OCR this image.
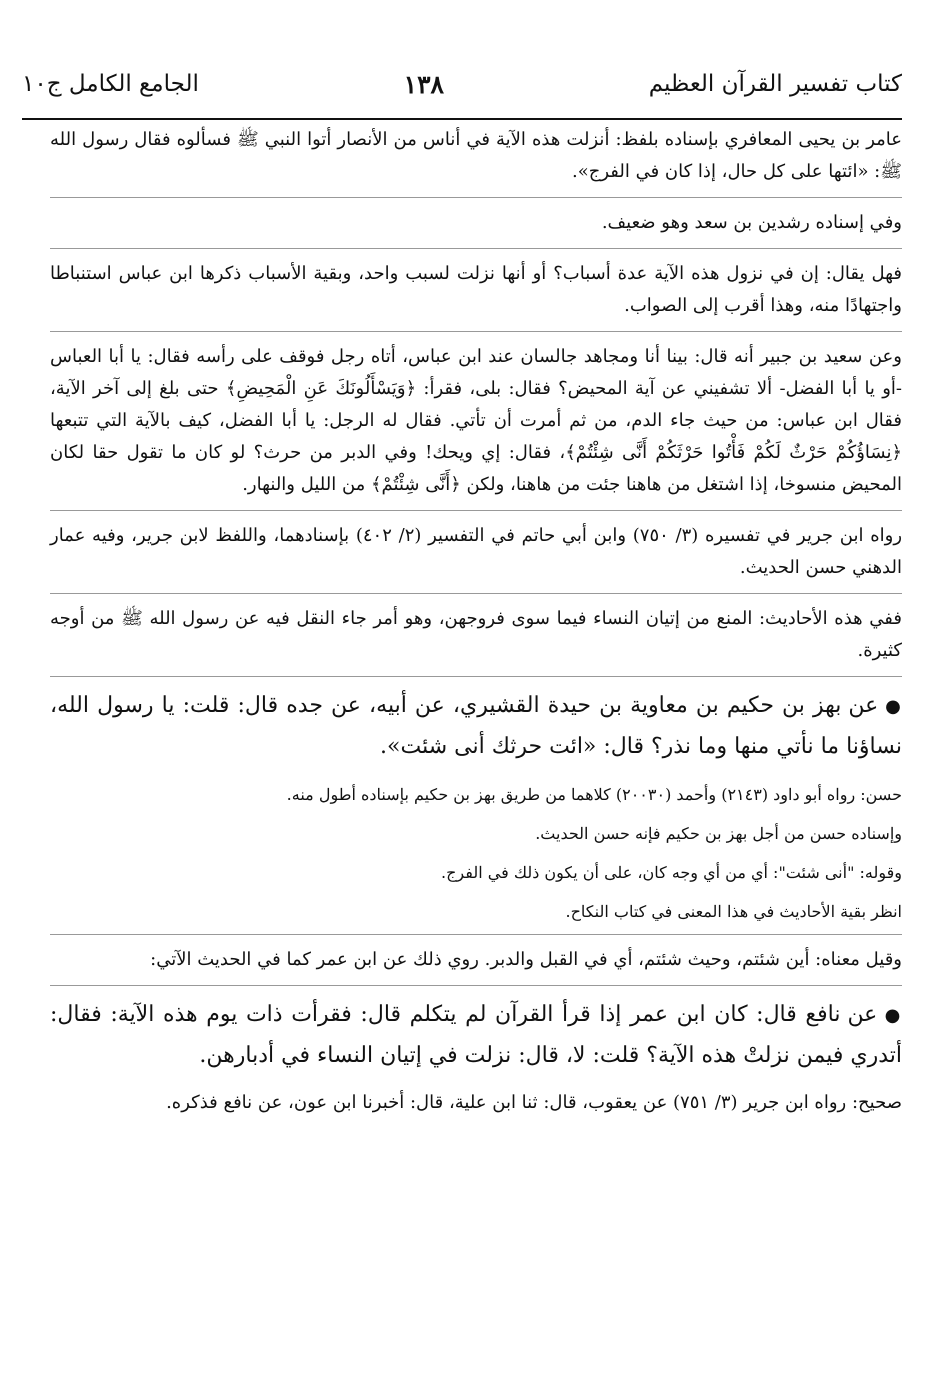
كتاب تفسير القرآن العظيم
١٣٨
الجامع الكامل ج١٠

عامر بن يحيى المعافري بإسناده بلفظ: أنزلت هذه الآية في أناس من الأنصار أتوا النبي ﷺ فسألوه فقال رسول الله ﷺ: «ائتها على كل حال، إذا كان في الفرج».

وفي إسناده رشدين بن سعد وهو ضعيف.

فهل يقال: إن في نزول هذه الآية عدة أسباب؟ أو أنها نزلت لسبب واحد، وبقية الأسباب ذكرها ابن عباس استنباطا واجتهادًا منه، وهذا أقرب إلى الصواب.

وعن سعيد بن جبير أنه قال: بينا أنا ومجاهد جالسان عند ابن عباس، أتاه رجل فوقف على رأسه فقال: يا أبا العباس -أو يا أبا الفضل- ألا تشفيني عن آية المحيض؟ فقال: بلى، فقرأ: ﴿وَيَسْأَلُونَكَ عَنِ الْمَحِيضِ﴾ حتى بلغ إلى آخر الآية، فقال ابن عباس: من حيث جاء الدم، من ثم أمرت أن تأتي. فقال له الرجل: يا أبا الفضل، كيف بالآية التي تتبعها ﴿نِسَاؤُكُمْ حَرْثٌ لَكُمْ فَأْتُوا حَرْثَكُمْ أَنَّى شِئْتُمْ﴾، فقال: إي ويحك! وفي الدبر من حرث؟ لو كان ما تقول حقا لكان المحيض منسوخا، إذا اشتغل من هاهنا جئت من هاهنا، ولكن ﴿أَنَّى شِئْتُمْ﴾ من الليل والنهار.

رواه ابن جرير في تفسيره (٣/ ٧٥٠) وابن أبي حاتم في التفسير (٢/ ٤٠٢) بإسنادهما، واللفظ لابن جرير، وفيه عمار الدهني حسن الحديث.

ففي هذه الأحاديث: المنع من إتيان النساء فيما سوى فروجهن، وهو أمر جاء النقل فيه عن رسول الله ﷺ من أوجه كثيرة.

● عن بهز بن حكيم بن معاوية بن حيدة القشيري، عن أبيه، عن جده قال: قلت: يا رسول الله، نساؤنا ما نأتي منها وما نذر؟ قال: «ائت حرثك أنى شئت».

حسن: رواه أبو داود (٢١٤٣) وأحمد (٢٠٠٣٠) كلاهما من طريق بهز بن حكيم بإسناده أطول منه.

وإسناده حسن من أجل بهز بن حكيم فإنه حسن الحديث.

وقوله: "أنى شئت": أي من أي وجه كان، على أن يكون ذلك في الفرج.

انظر بقية الأحاديث في هذا المعنى في كتاب النكاح.

وقيل معناه: أين شئتم، وحيث شئتم، أي في القبل والدبر. روي ذلك عن ابن عمر كما في الحديث الآتي:

● عن نافع قال: كان ابن عمر إذا قرأ القرآن لم يتكلم قال: فقرأت ذات يوم هذه الآية: فقال: أتدري فيمن نزلتْ هذه الآية؟ قلت: لا، قال: نزلت في إتيان النساء في أدبارهن.

صحيح: رواه ابن جرير (٣/ ٧٥١) عن يعقوب، قال: ثنا ابن علية، قال: أخبرنا ابن عون، عن نافع فذكره.
